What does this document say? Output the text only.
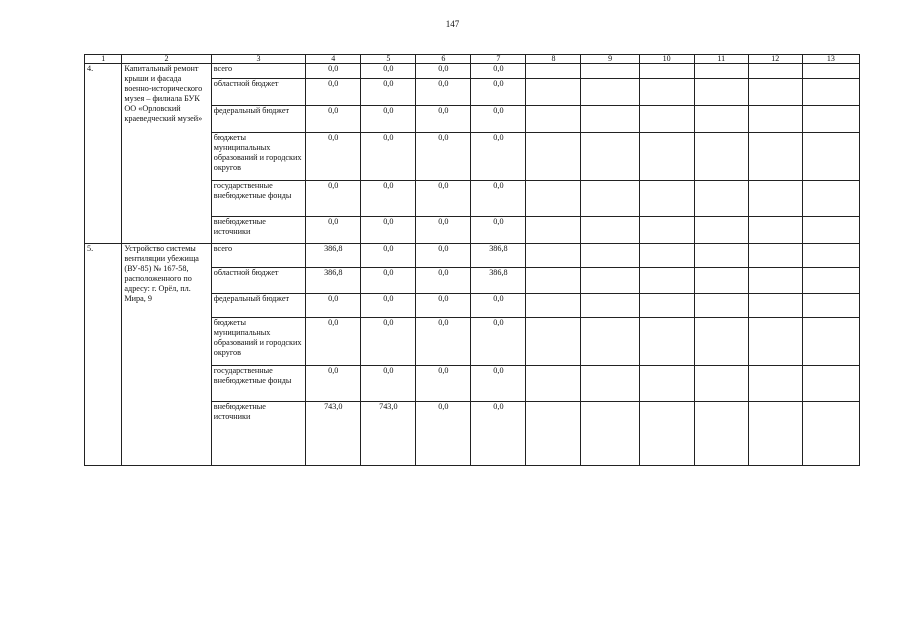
147
1	2	3	4	5	6	7	8	9	10	11	12	13
4.	Капитальный ремонт крыши и фасада военно-исторического музея – филиала БУК ОО «Орловский краеведческий музей»	всего	0,0	0,0	0,0	0,0						
		областной бюджет	0,0	0,0	0,0	0,0						
		федеральный бюджет	0,0	0,0	0,0	0,0						
		бюджеты муниципальных образований и городских округов	0,0	0,0	0,0	0,0						
		государственные внебюджетные фонды	0,0	0,0	0,0	0,0						
		внебюджетные источники	0,0	0,0	0,0	0,0						
5.	Устройство системы вентиляции убежища (ВУ-85) № 167-58, расположенного по адресу: г. Орёл, пл. Мира, 9	всего	386,8	0,0	0,0	386,8						
		областной бюджет	386,8	0,0	0,0	386,8						
		федеральный бюджет	0,0	0,0	0,0	0,0						
		бюджеты муниципальных образований и городских округов	0,0	0,0	0,0	0,0						
		государственные внебюджетные фонды	0,0	0,0	0,0	0,0						
		внебюджетные источники	743,0	743,0	0,0	0,0						
